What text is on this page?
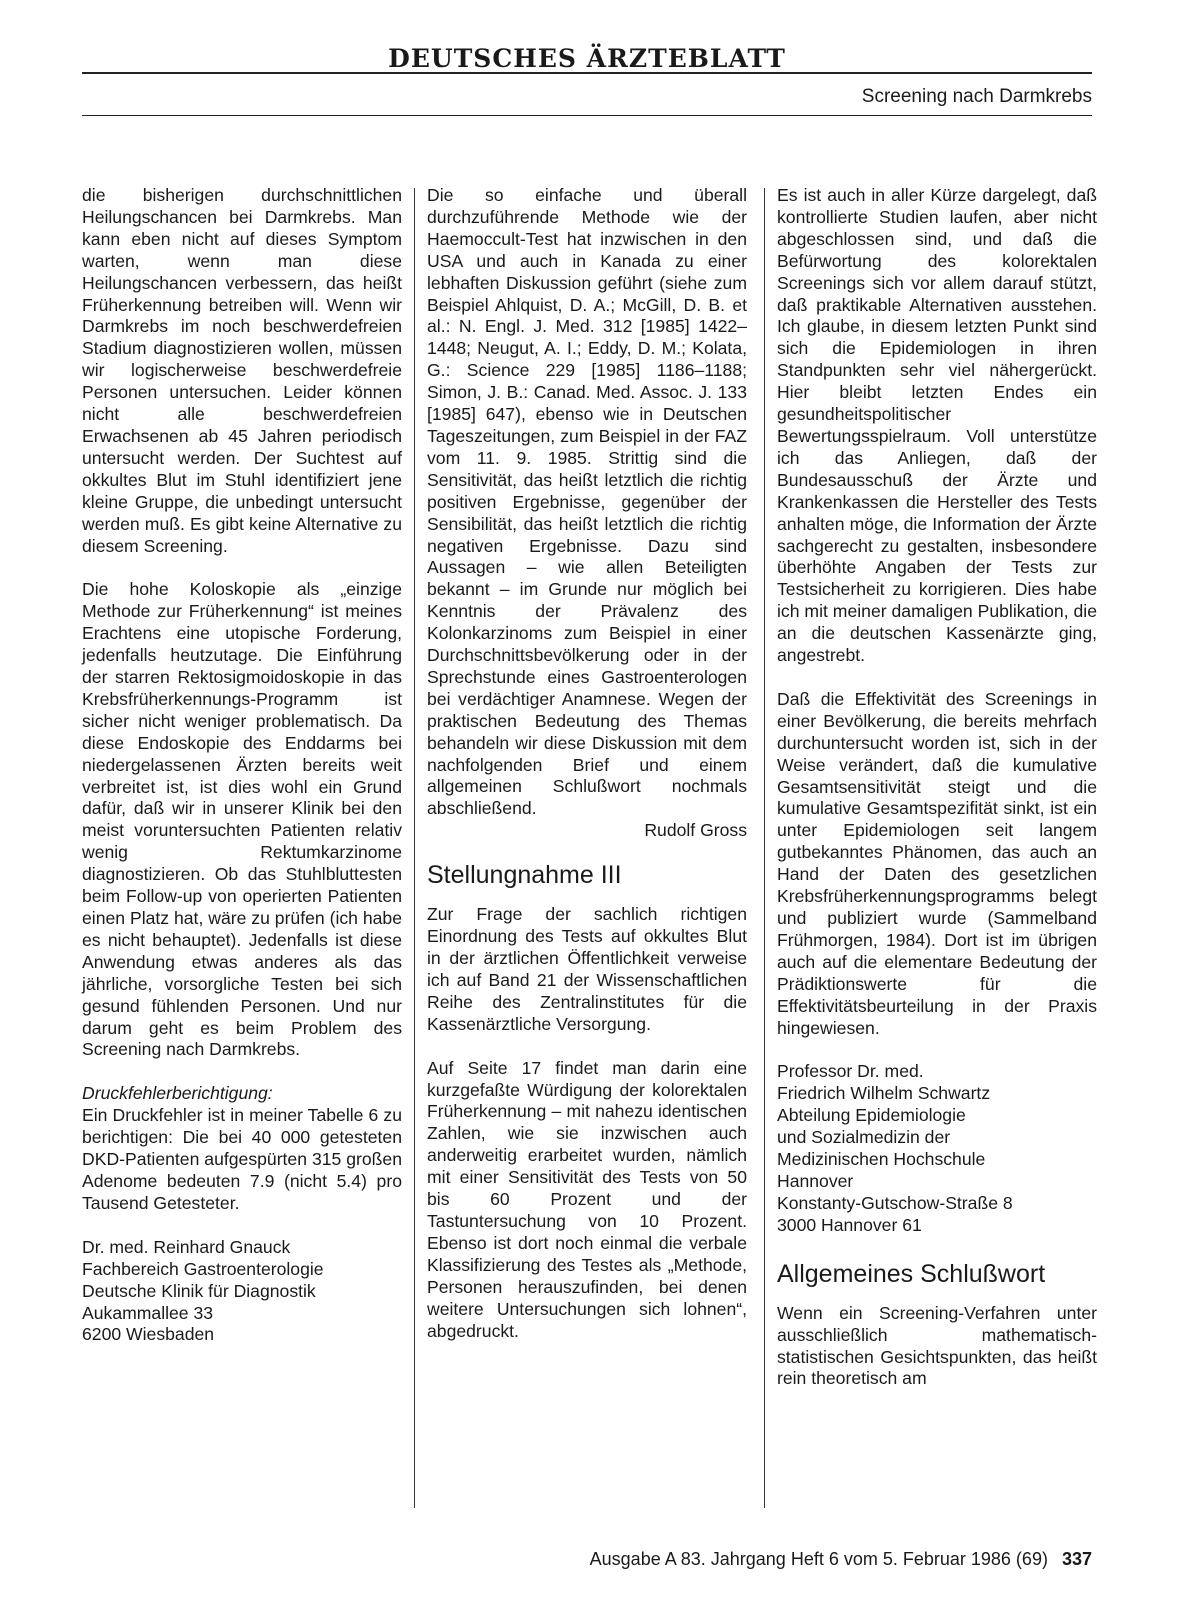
DEUTSCHES ÄRZTEBLATT
Screening nach Darmkrebs

die bisherigen durchschnittlichen Heilungschancen bei Darmkrebs. Man kann eben nicht auf dieses Symptom warten, wenn man diese Heilungschancen verbessern, das heißt Früherkennung betreiben will. Wenn wir Darmkrebs im noch beschwerdefreien Stadium diagnostizieren wollen, müssen wir logischerweise beschwerdefreie Personen untersuchen. Leider können nicht alle beschwerdefreien Erwachsenen ab 45 Jahren periodisch untersucht werden. Der Suchtest auf okkultes Blut im Stuhl identifiziert jene kleine Gruppe, die unbedingt untersucht werden muß. Es gibt keine Alternative zu diesem Screening.

Die hohe Koloskopie als „einzige Methode zur Früherkennung“ ist meines Erachtens eine utopische Forderung, jedenfalls heutzutage. Die Einführung der starren Rektosigmoidoskopie in das Krebsfrüherkennungs-Programm ist sicher nicht weniger problematisch. Da diese Endoskopie des Enddarms bei niedergelassenen Ärzten bereits weit verbreitet ist, ist dies wohl ein Grund dafür, daß wir in unserer Klinik bei den meist voruntersuchten Patienten relativ wenig Rektumkarzinome diagnostizieren. Ob das Stuhlbluttesten beim Follow-up von operierten Patienten einen Platz hat, wäre zu prüfen (ich habe es nicht behauptet). Jedenfalls ist diese Anwendung etwas anderes als das jährliche, vorsorgliche Testen bei sich gesund fühlenden Personen. Und nur darum geht es beim Problem des Screening nach Darmkrebs.

Druckfehlerberichtigung:
Ein Druckfehler ist in meiner Tabelle 6 zu berichtigen: Die bei 40 000 getesteten DKD-Patienten aufgespürten 315 großen Adenome bedeuten 7.9 (nicht 5.4) pro Tausend Getesteter.

Dr. med. Reinhard Gnauck
Fachbereich Gastroenterologie
Deutsche Klinik für Diagnostik
Aukammallee 33
6200 Wiesbaden

Die so einfache und überall durchzuführende Methode wie der Haemoccult-Test hat inzwischen in den USA und auch in Kanada zu einer lebhaften Diskussion geführt (siehe zum Beispiel Ahlquist, D. A.; McGill, D. B. et al.: N. Engl. J. Med. 312 [1985] 1422–1448; Neugut, A. I.; Eddy, D. M.; Kolata, G.: Science 229 [1985] 1186–1188; Simon, J. B.: Canad. Med. Assoc. J. 133 [1985] 647), ebenso wie in Deutschen Tageszeitungen, zum Beispiel in der FAZ vom 11. 9. 1985. Strittig sind die Sensitivität, das heißt letztlich die richtig positiven Ergebnisse, gegenüber der Sensibilität, das heißt letztlich die richtig negativen Ergebnisse. Dazu sind Aussagen – wie allen Beteiligten bekannt – im Grunde nur möglich bei Kenntnis der Prävalenz des Kolonkarzinoms zum Beispiel in einer Durchschnittsbevölkerung oder in der Sprechstunde eines Gastroenterologen bei verdächtiger Anamnese. Wegen der praktischen Bedeutung des Themas behandeln wir diese Diskussion mit dem nachfolgenden Brief und einem allgemeinen Schlußwort nochmals abschließend.

Rudolf Gross
Stellungnahme III

Zur Frage der sachlich richtigen Einordnung des Tests auf okkultes Blut in der ärztlichen Öffentlichkeit verweise ich auf Band 21 der Wissenschaftlichen Reihe des Zentralinstitutes für die Kassenärztliche Versorgung.

Auf Seite 17 findet man darin eine kurzgefaßte Würdigung der kolorektalen Früherkennung – mit nahezu identischen Zahlen, wie sie inzwischen auch anderweitig erarbeitet wurden, nämlich mit einer Sensitivität des Tests von 50 bis 60 Prozent und der Tastuntersuchung von 10 Prozent. Ebenso ist dort noch einmal die verbale Klassifizierung des Testes als „Methode, Personen herauszufinden, bei denen weitere Untersuchungen sich lohnen“, abgedruckt.

Es ist auch in aller Kürze dargelegt, daß kontrollierte Studien laufen, aber nicht abgeschlossen sind, und daß die Befürwortung des kolorektalen Screenings sich vor allem darauf stützt, daß praktikable Alternativen ausstehen. Ich glaube, in diesem letzten Punkt sind sich die Epidemiologen in ihren Standpunkten sehr viel nähergerückt. Hier bleibt letzten Endes ein gesundheitspolitischer Bewertungsspielraum. Voll unterstütze ich das Anliegen, daß der Bundesausschuß der Ärzte und Krankenkassen die Hersteller des Tests anhalten möge, die Information der Ärzte sachgerecht zu gestalten, insbesondere überhöhte Angaben der Tests zur Testsicherheit zu korrigieren. Dies habe ich mit meiner damaligen Publikation, die an die deutschen Kassenärzte ging, angestrebt.

Daß die Effektivität des Screenings in einer Bevölkerung, die bereits mehrfach durchuntersucht worden ist, sich in der Weise verändert, daß die kumulative Gesamtsensitivität steigt und die kumulative Gesamtspezifität sinkt, ist ein unter Epidemiologen seit langem gutbekanntes Phänomen, das auch an Hand der Daten des gesetzlichen Krebsfrüherkennungsprogramms belegt und publiziert wurde (Sammelband Frühmorgen, 1984). Dort ist im übrigen auch auf die elementare Bedeutung der Prädiktionswerte für die Effektivitätsbeurteilung in der Praxis hingewiesen.

Professor Dr. med.
Friedrich Wilhelm Schwartz
Abteilung Epidemiologie
und Sozialmedizin der
Medizinischen Hochschule
Hannover
Konstanty-Gutschow-Straße 8
3000 Hannover 61
Allgemeines Schlußwort

Wenn ein Screening-Verfahren unter ausschließlich mathematisch-statistischen Gesichtspunkten, das heißt rein theoretisch am

Ausgabe A 83. Jahrgang Heft 6 vom 5. Februar 1986 (69) 337
